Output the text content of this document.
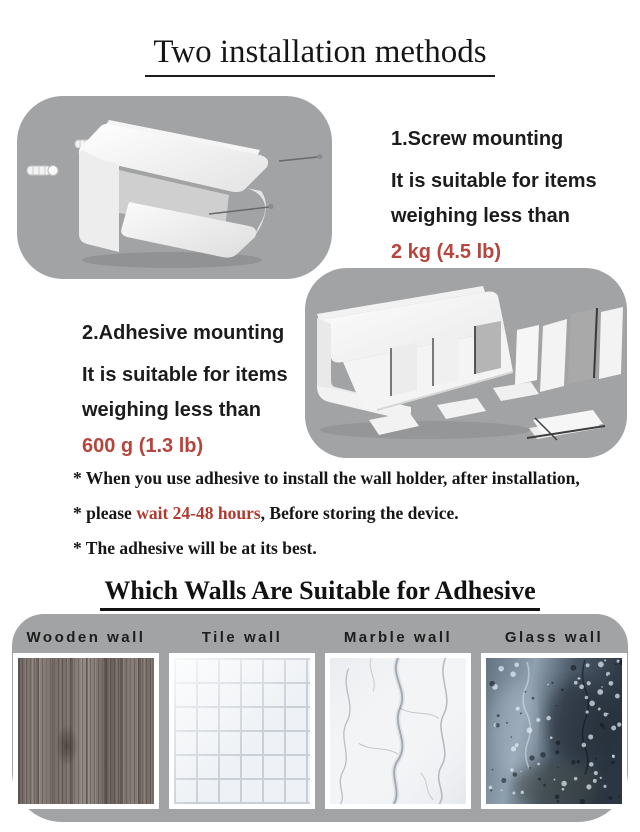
Two installation methods

1.Screw mounting

It is suitable for items

weighing less than

2 kg (4.5 lb)

2.Adhesive mounting

It is suitable for items

weighing less than

600 g (1.3 lb)

* When you use adhesive to install the wall holder, after installation,
* please wait 24-48 hours, Before storing the device.
* The adhesive will be at its best.
Which Walls Are Suitable for Adhesive
Wooden wall	Tile wall	Marble wall	Glass wall
